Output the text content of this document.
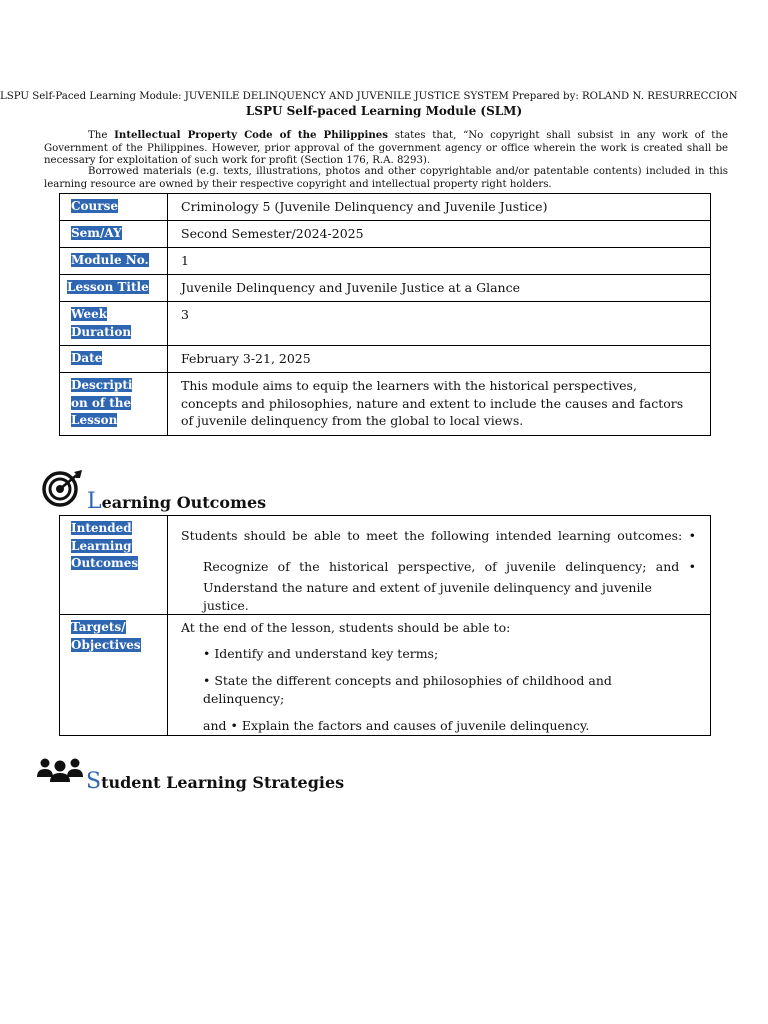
LSPU Self-Paced Learning Module: JUVENILE DELINQUENCY AND JUVENILE JUSTICE SYSTEM Prepared by: ROLAND N. RESURRECCION
LSPU Self-paced Learning Module (SLM)
The Intellectual Property Code of the Philippines states that, “No copyright shall subsist in any work of the Government of the Philippines. However, prior approval of the government agency or office wherein the work is created shall be necessary for exploitation of such work for profit (Section 176, R.A. 8293).
Borrowed materials (e.g. texts, illustrations, photos and other copyrightable and/or patentable contents) included in this learning resource are owned by their respective copyright and intellectual property right holders.
Course	Criminology 5 (Juvenile Delinquency and Juvenile Justice)
Sem/AY	Second Semester/2024-2025
Module No.	1
Lesson Title	Juvenile Delinquency and Juvenile Justice at a Glance

Week Duration	3
Date	February 3-21, 2025

Description of the Lesson	This module aims to equip the learners with the historical perspectives, concepts and philosophies, nature and extent to include the causes and factors of juvenile delinquency from the global to local views.
Learning Outcomes
Intended Learning Outcomes	Students should be able to meet the following intended learning outcomes: •
Recognize of the historical perspective, of juvenile delinquency; and •
Understand the nature and extent of juvenile delinquency and juvenile justice.

Targets/ Objectives	At the end of the lesson, students should be able to:
• Identify and understand key terms;
• State the different concepts and philosophies of childhood and delinquency;
and • Explain the factors and causes of juvenile delinquency.
Student Learning Strategies
